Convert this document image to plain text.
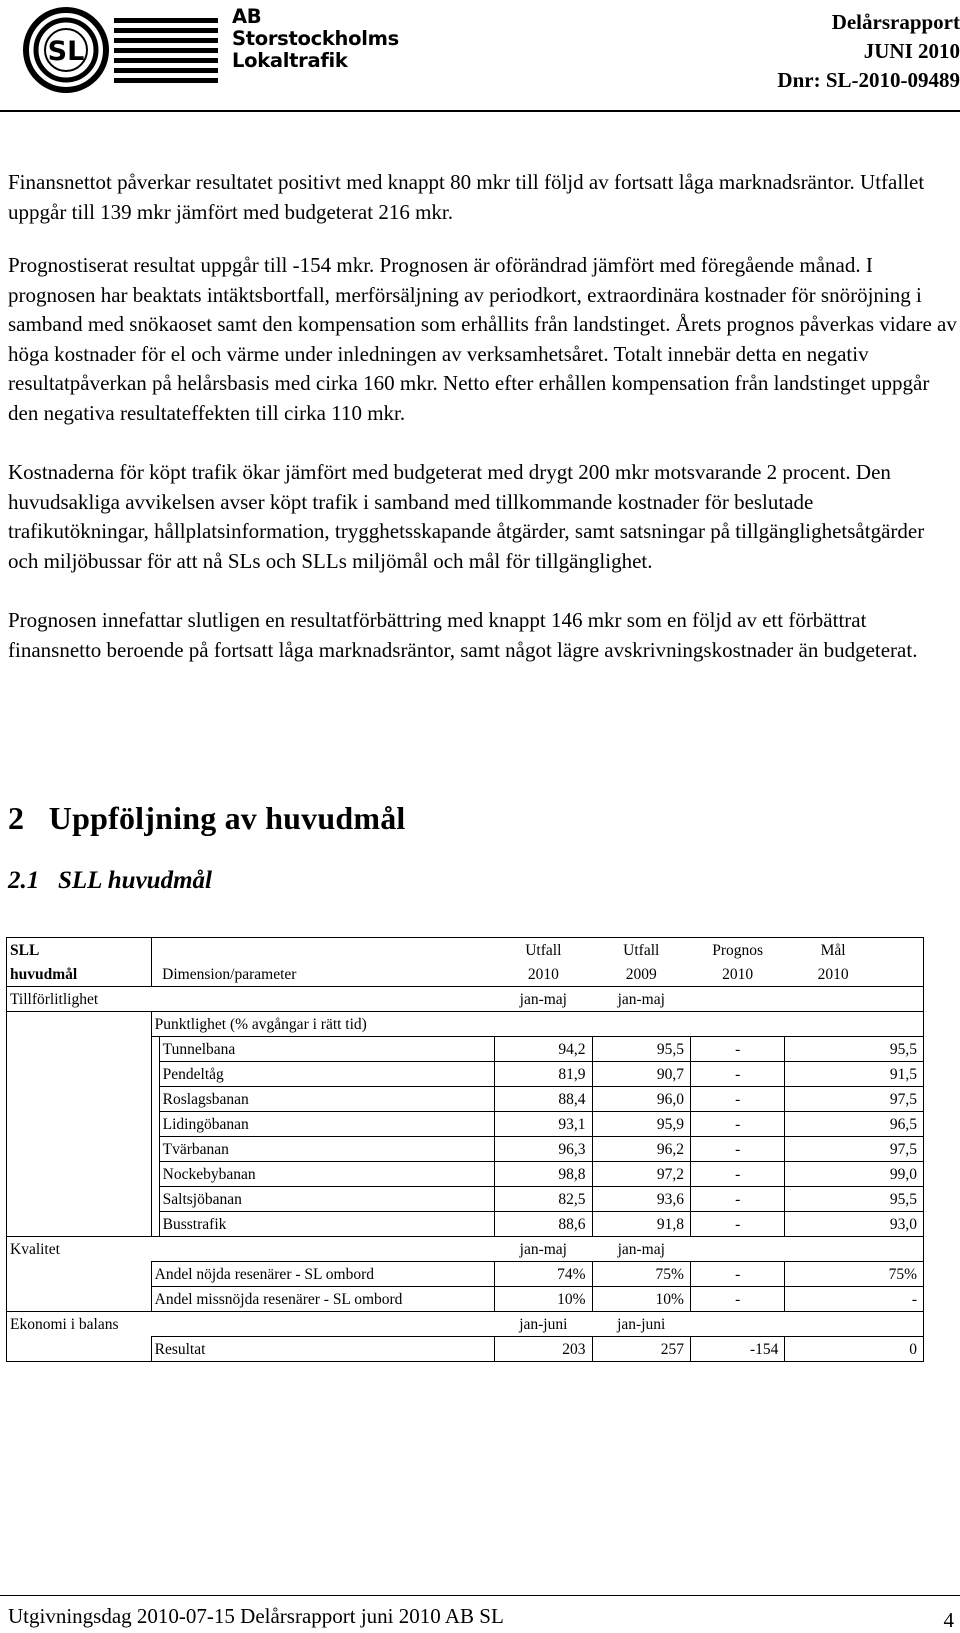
SL
AB
Storstockholms
Lokaltrafik
Delårsrapport
JUNI 2010
Dnr: SL-2010-09489

Finansnettot påverkar resultatet positivt med knappt 80 mkr till följd av fortsatt låga marknadsräntor. Utfallet uppgår till 139 mkr jämfört med budgeterat 216 mkr.

Prognostiserat resultat uppgår till -154 mkr. Prognosen är oförändrad jämfört med föregående månad. I prognosen har beaktats intäktsbortfall, merförsäljning av periodkort, extraordinära kostnader för snöröjning i samband med snökaoset samt den kompensation som erhållits från landstinget. Årets prognos påverkas vidare av höga kostnader för el och värme under inledningen av verksamhetsåret. Totalt innebär detta en negativ resultatpåverkan på helårsbasis med cirka 160 mkr. Netto efter erhållen kompensation från landstinget uppgår den negativa resultateffekten till cirka 110 mkr.

Kostnaderna för köpt trafik ökar jämfört med budgeterat med drygt 200 mkr motsvarande 2 procent. Den huvudsakliga avvikelsen avser köpt trafik i samband med tillkommande kostnader för beslutade trafikutökningar, hållplatsinformation, trygghetsskapande åtgärder, samt satsningar på tillgänglighetsåtgärder och miljöbussar för att nå SLs och SLLs miljömål och mål för tillgänglighet.

Prognosen innefattar slutligen en resultatförbättring med knappt 146 mkr som en följd av ett förbättrat finansnetto beroende på fortsatt låga marknadsräntor, samt något lägre avskrivningskostnader än budgeterat.

2   Uppföljning av huvudmål
2.1   SLL huvudmål
SLL			Utfall	Utfall	Prognos	Mål	
huvudmål		Dimension/parameter	2010	2009	2010	2010	
Tillförlitlighet			jan-maj	jan-maj			
	Punktlighet (% avgångar i rätt tid)						
		Tunnelbana	94,2	95,5	-	95,5	
		Pendeltåg	81,9	90,7	-	91,5	
		Roslagsbanan	88,4	96,0	-	97,5	
		Lidingöbanan	93,1	95,9	-	96,5	
		Tvärbanan	96,3	96,2	-	97,5	
		Nockebybanan	98,8	97,2	-	99,0	
		Saltsjöbanan	82,5	93,6	-	95,5	
		Busstrafik	88,6	91,8	-	93,0	
Kvalitet			jan-maj	jan-maj			
	Andel nöjda resenärer - SL ombord		74%	75%	-	75%	
	Andel missnöjda resenärer - SL ombord		10%	10%	-	-	
Ekonomi i balans			jan-juni	jan-juni			
	Resultat		203	257	-154	0	
Utgivningsdag 2010-07-15 Delårsrapport juni 2010 AB SL	4
